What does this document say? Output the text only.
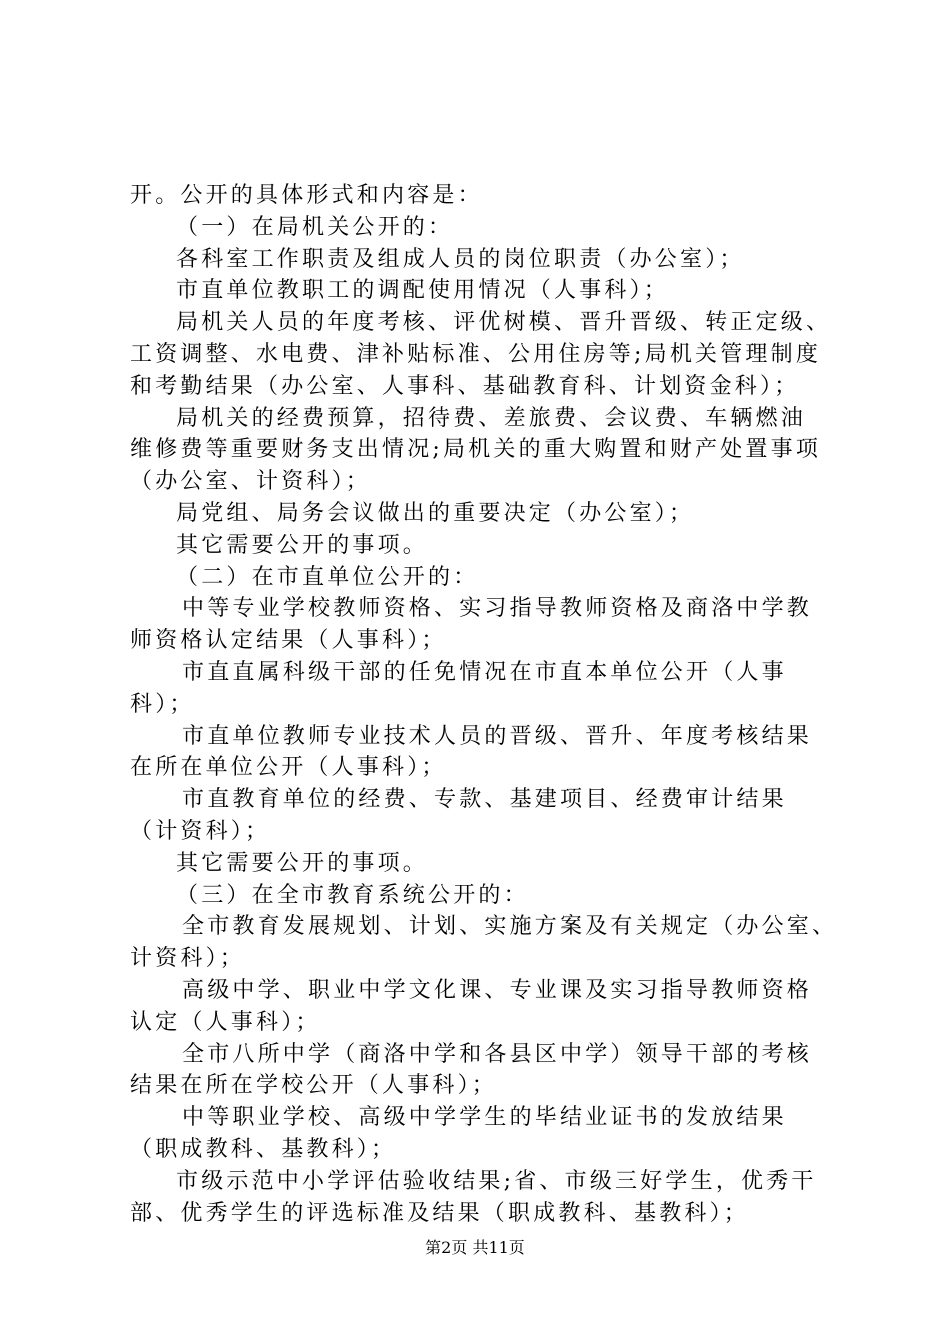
开。公开的具体形式和内容是：
（一）在局机关公开的：
各科室工作职责及组成人员的岗位职责（办公室）；
市直单位教职工的调配使用情况（人事科）；
局机关人员的年度考核、评优树模、晋升晋级、转正定级、
工资调整、水电费、津补贴标准、公用住房等;局机关管理制度
和考勤结果（办公室、人事科、基础教育科、计划资金科）；
局机关的经费预算，招待费、差旅费、会议费、车辆燃油
维修费等重要财务支出情况;局机关的重大购置和财产处置事项
（办公室、计资科）；
局党组、局务会议做出的重要决定（办公室）；
其它需要公开的事项。
（二）在市直单位公开的：
中等专业学校教师资格、实习指导教师资格及商洛中学教
师资格认定结果（人事科）；
市直直属科级干部的任免情况在市直本单位公开（人事
科）；
市直单位教师专业技术人员的晋级、晋升、年度考核结果
在所在单位公开（人事科）；
市直教育单位的经费、专款、基建项目、经费审计结果
（计资科）；
其它需要公开的事项。
（三）在全市教育系统公开的：
全市教育发展规划、计划、实施方案及有关规定（办公室、
计资科）；
高级中学、职业中学文化课、专业课及实习指导教师资格
认定（人事科）；
全市八所中学（商洛中学和各县区中学）领导干部的考核
结果在所在学校公开（人事科）；
中等职业学校、高级中学学生的毕结业证书的发放结果
（职成教科、基教科）；
市级示范中小学评估验收结果;省、市级三好学生，优秀干
部、优秀学生的评选标准及结果（职成教科、基教科）；
第2页 共11页
